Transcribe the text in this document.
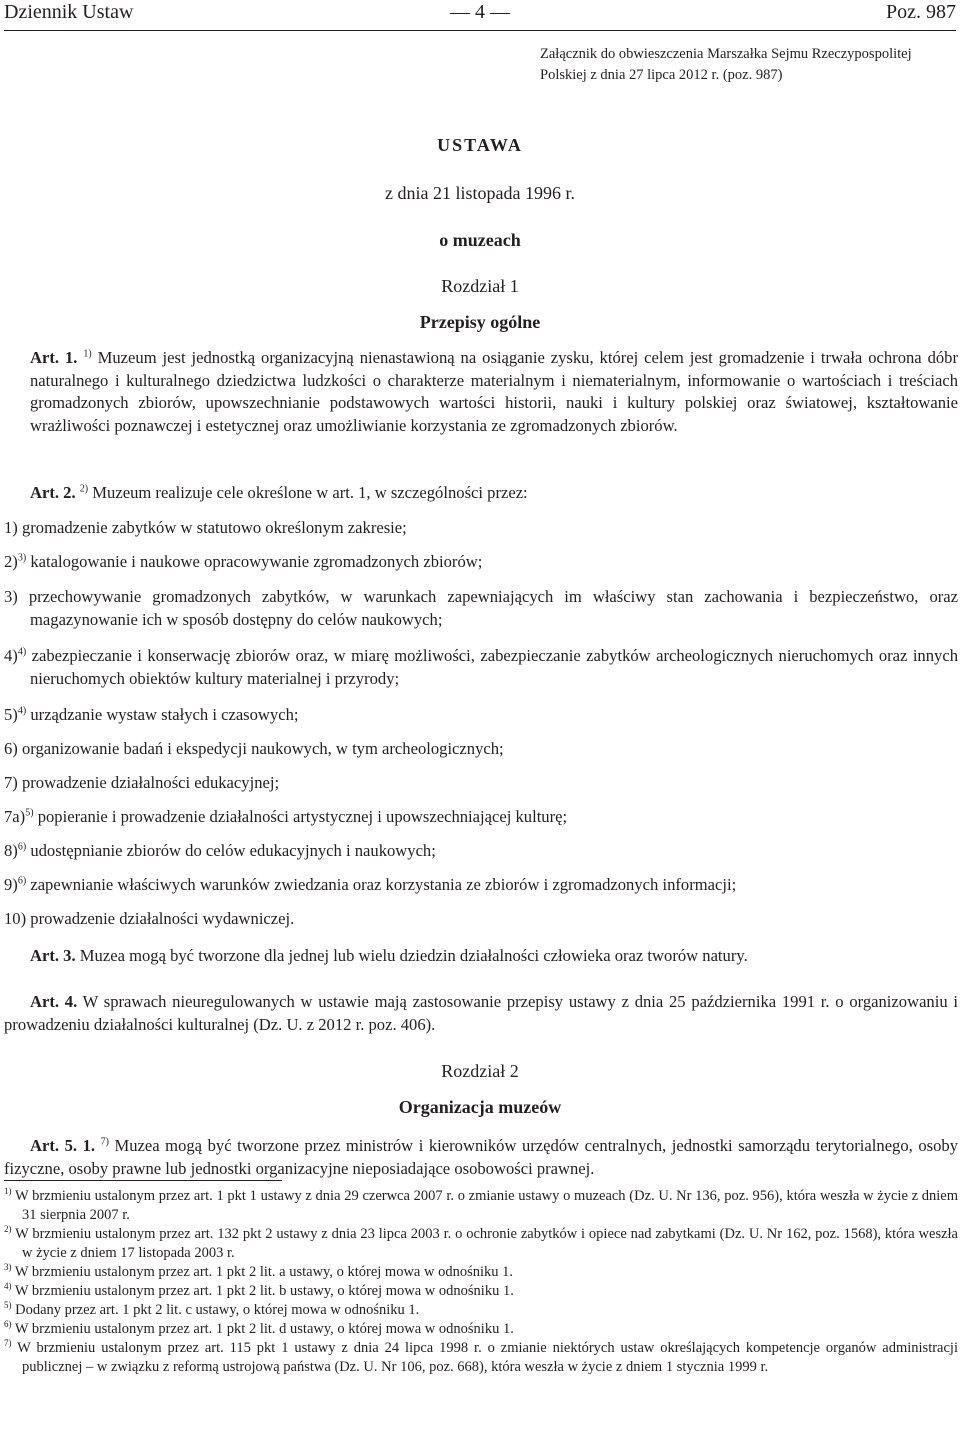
Dziennik Ustaw	— 4 —	Poz. 987
Załącznik do obwieszczenia Marszałka Sejmu Rzeczypospolitej Polskiej z dnia 27 lipca 2012 r. (poz. 987)
USTAWA
z dnia 21 listopada 1996 r.
o muzeach
Rozdział 1
Przepisy ogólne

Art. 1. $^{1)}$ Muzeum jest jednostką organizacyjną nienastawioną na osiąganie zysku, której celem jest gromadzenie i trwała ochrona dóbr naturalnego i kulturalnego dziedzictwa ludzkości o charakterze materialnym i niematerialnym, informowanie o wartościach i treściach gromadzonych zbiorów, upowszechnianie podstawowych wartości historii, nauki i kultury polskiej oraz światowej, kształtowanie wrażliwości poznawczej i estetycznej oraz umożliwianie korzystania ze zgromadzonych zbiorów.

Art. 2. $^{2)}$ Muzeum realizuje cele określone w art. 1, w szczególności przez:

1) gromadzenie zabytków w statutowo określonym zakresie;

2)$^{3)}$ katalogowanie i naukowe opracowywanie zgromadzonych zbiorów;

3) przechowywanie gromadzonych zabytków, w warunkach zapewniających im właściwy stan zachowania i bezpieczeństwo, oraz magazynowanie ich w sposób dostępny do celów naukowych;

4)$^{4)}$ zabezpieczanie i konserwację zbiorów oraz, w miarę możliwości, zabezpieczanie zabytków archeologicznych nieruchomych oraz innych nieruchomych obiektów kultury materialnej i przyrody;

5)$^{4)}$ urządzanie wystaw stałych i czasowych;

6) organizowanie badań i ekspedycji naukowych, w tym archeologicznych;

7) prowadzenie działalności edukacyjnej;

7a)$^{5)}$ popieranie i prowadzenie działalności artystycznej i upowszechniającej kulturę;

8)$^{6)}$ udostępnianie zbiorów do celów edukacyjnych i naukowych;

9)$^{6)}$ zapewnianie właściwych warunków zwiedzania oraz korzystania ze zbiorów i zgromadzonych informacji;

10) prowadzenie działalności wydawniczej.

Art. 3. Muzea mogą być tworzone dla jednej lub wielu dziedzin działalności człowieka oraz tworów natury.

Art. 4. W sprawach nieuregulowanych w ustawie mają zastosowanie przepisy ustawy z dnia 25 października 1991 r. o organizowaniu i prowadzeniu działalności kulturalnej (Dz. U. z 2012 r. poz. 406).

Rozdział 2
Organizacja muzeów

Art. 5. 1. $^{7)}$ Muzea mogą być tworzone przez ministrów i kierowników urzędów centralnych, jednostki samorządu terytorialnego, osoby fizyczne, osoby prawne lub jednostki organizacyjne nieposiadające osobowości prawnej.

$^{1)}$ W brzmieniu ustalonym przez art. 1 pkt 1 ustawy z dnia 29 czerwca 2007 r. o zmianie ustawy o muzeach (Dz. U. Nr 136, poz. 956), która weszła w życie z dniem 31 sierpnia 2007 r.

$^{2)}$ W brzmieniu ustalonym przez art. 132 pkt 2 ustawy z dnia 23 lipca 2003 r. o ochronie zabytków i opiece nad zabytkami (Dz. U. Nr 162, poz. 1568), która weszła w życie z dniem 17 listopada 2003 r.

$^{3)}$ W brzmieniu ustalonym przez art. 1 pkt 2 lit. a ustawy, o której mowa w odnośniku 1.

$^{4)}$ W brzmieniu ustalonym przez art. 1 pkt 2 lit. b ustawy, o której mowa w odnośniku 1.

$^{5)}$ Dodany przez art. 1 pkt 2 lit. c ustawy, o której mowa w odnośniku 1.

$^{6)}$ W brzmieniu ustalonym przez art. 1 pkt 2 lit. d ustawy, o której mowa w odnośniku 1.

$^{7)}$ W brzmieniu ustalonym przez art. 115 pkt 1 ustawy z dnia 24 lipca 1998 r. o zmianie niektórych ustaw określających kompetencje organów administracji publicznej – w związku z reformą ustrojową państwa (Dz. U. Nr 106, poz. 668), która weszła w życie z dniem 1 stycznia 1999 r.
